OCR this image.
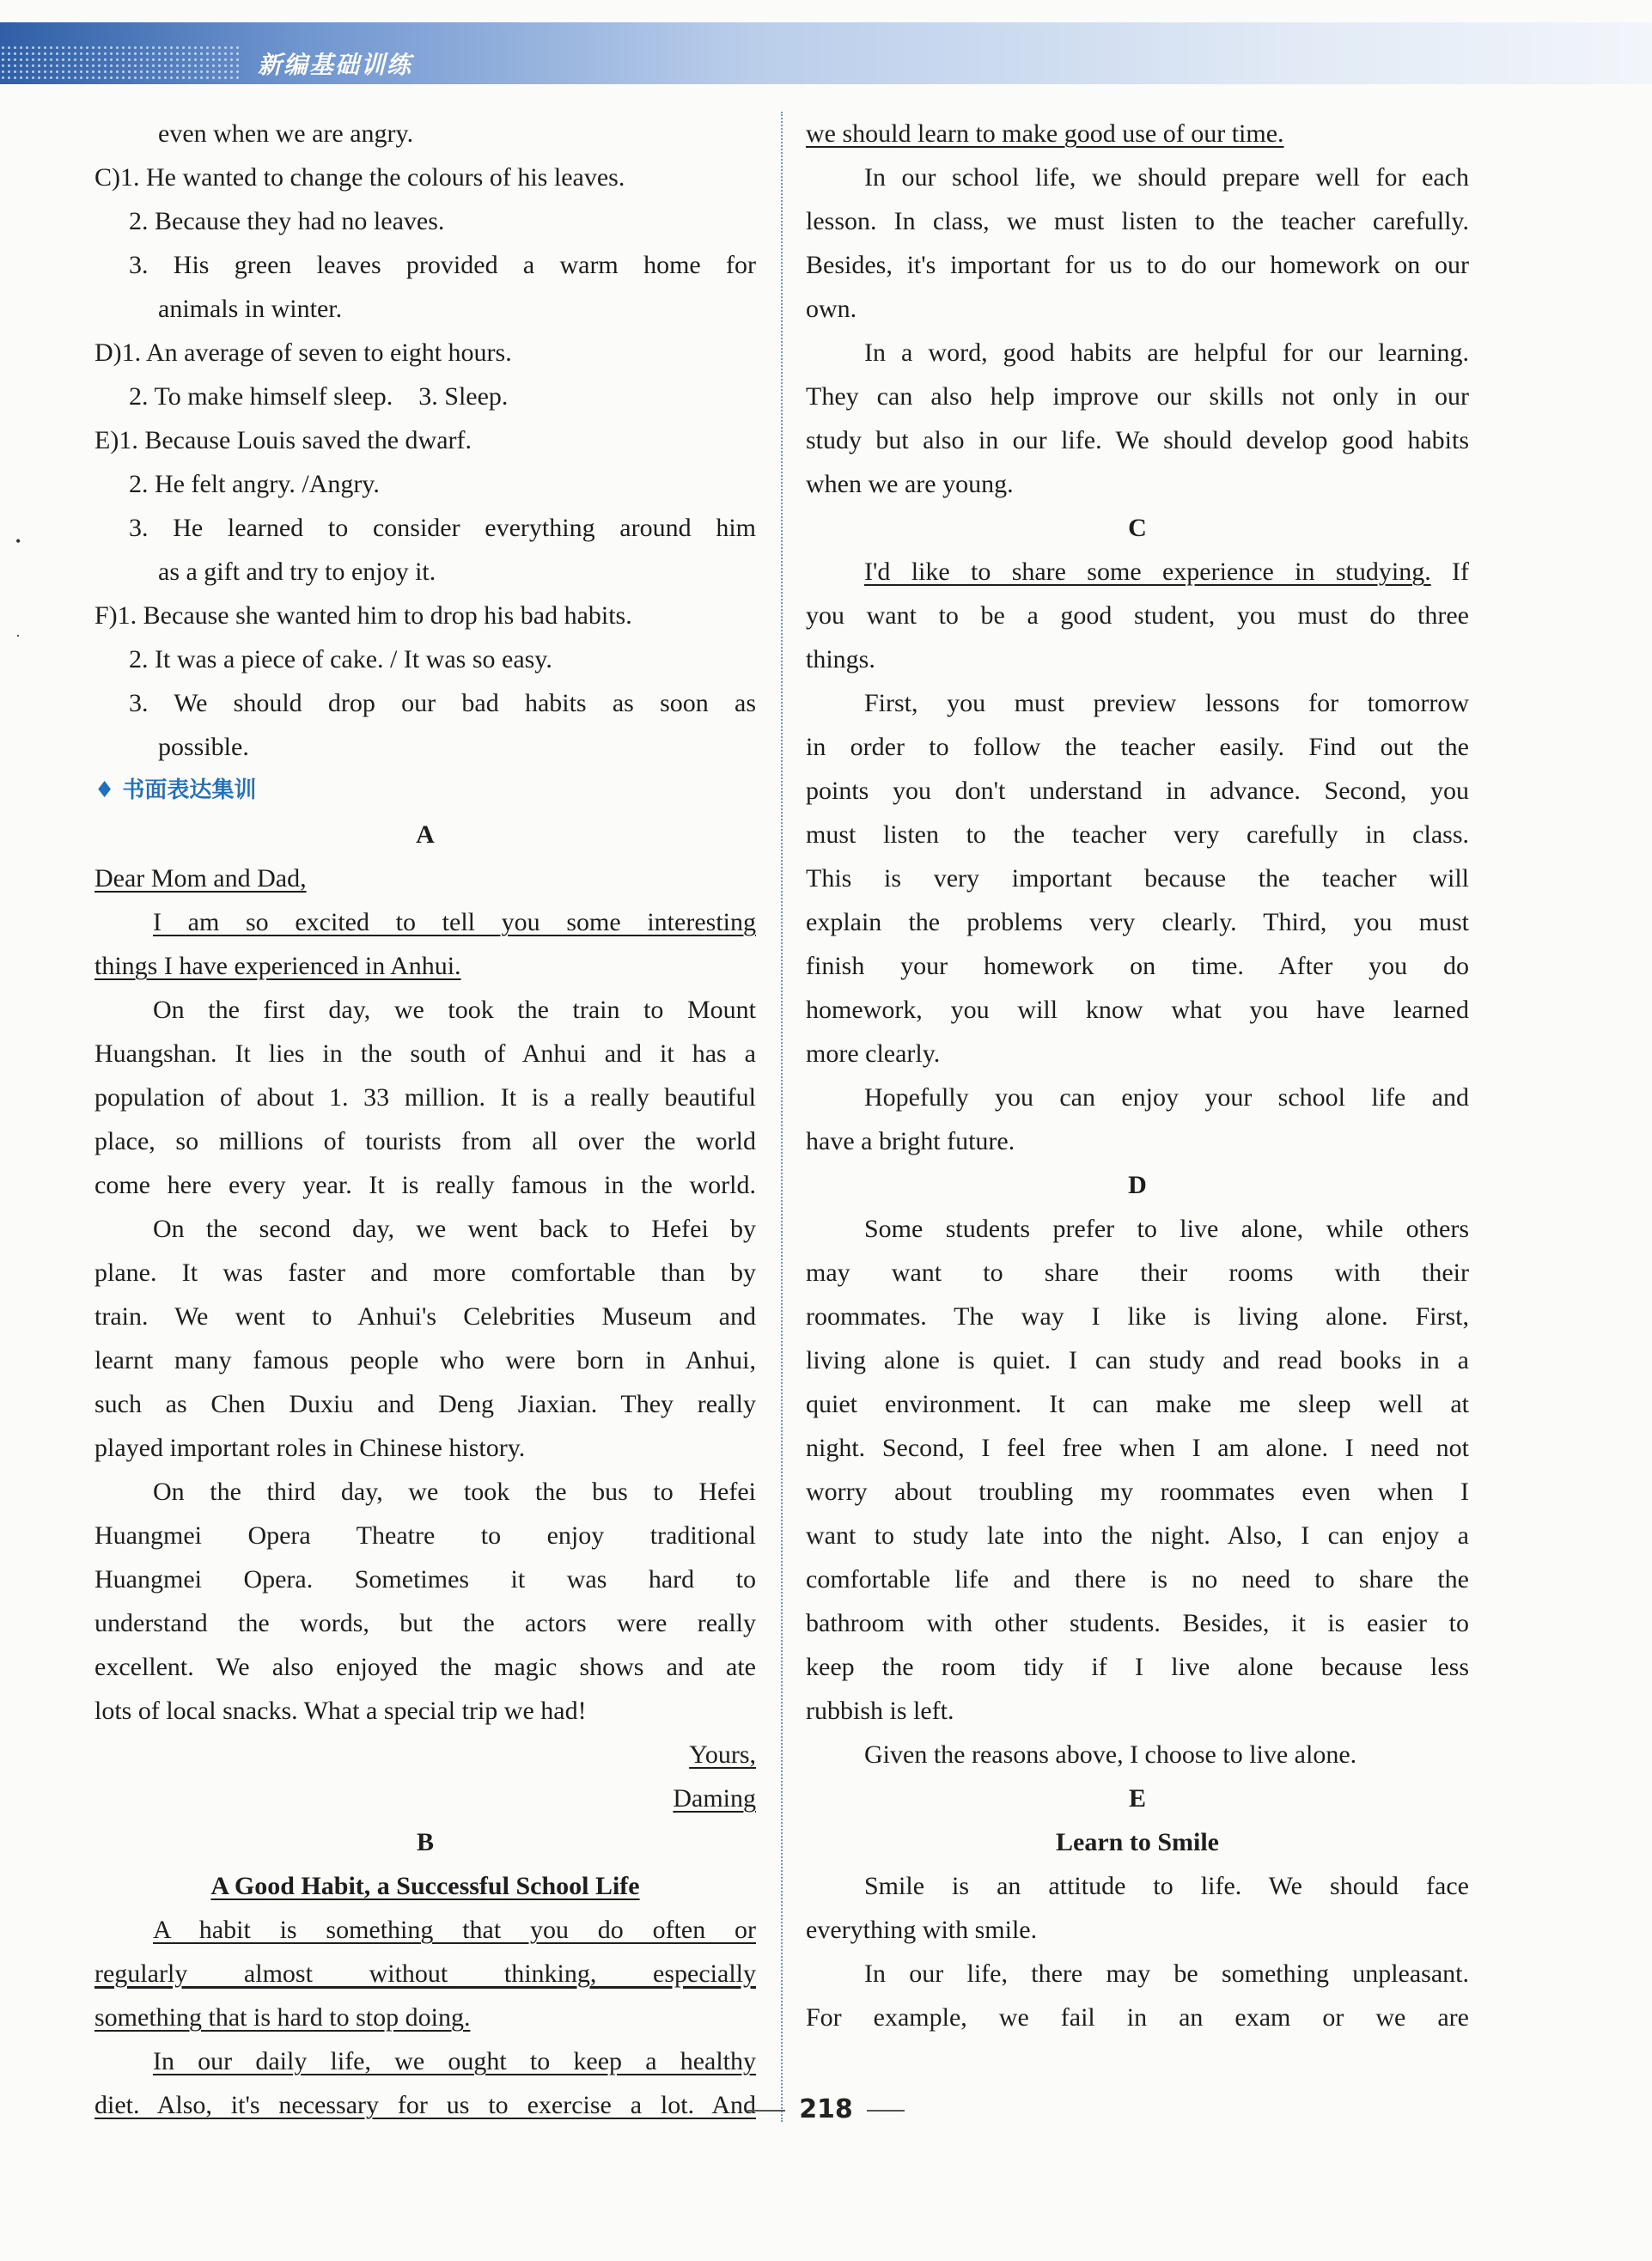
新编基础训练
•
·
even when we are angry.
C)1. He wanted to change the colours of his leaves.
2. Because they had no leaves.
3. His green leaves provided a warm home for
animals in winter.
D)1. An average of seven to eight hours.
2. To make himself sleep.    3. Sleep.
E)1. Because Louis saved the dwarf.
2. He felt angry. /Angry.
3. He learned to consider everything around him
as a gift and try to enjoy it.
F)1. Because she wanted him to drop his bad habits.
2. It was a piece of cake. / It was so easy.
3. We should drop our bad habits as soon as
possible.
♦ 书面表达集训
A
Dear Mom and Dad,
I am so excited to tell you some interesting
things I have experienced in Anhui.
On the first day, we took the train to Mount
Huangshan. It lies in the south of Anhui and it has a
population of about 1. 33 million. It is a really beautiful
place, so millions of tourists from all over the world
come here every year. It is really famous in the world.
On the second day, we went back to Hefei by
plane. It was faster and more comfortable than by
train. We went to Anhui's Celebrities Museum and
learnt many famous people who were born in Anhui,
such as Chen Duxiu and Deng Jiaxian. They really
played important roles in Chinese history.
On the third day, we took the bus to Hefei
Huangmei Opera Theatre to enjoy traditional
Huangmei Opera. Sometimes it was hard to
understand the words, but the actors were really
excellent. We also enjoyed the magic shows and ate
lots of local snacks. What a special trip we had!
Yours,
Daming
B
A Good Habit, a Successful School Life
A habit is something that you do often or
regularly almost without thinking, especially
something that is hard to stop doing.
In our daily life, we ought to keep a healthy
diet. Also, it's necessary for us to exercise a lot. And
we should learn to make good use of our time.
In our school life, we should prepare well for each
lesson. In class, we must listen to the teacher carefully.
Besides, it's important for us to do our homework on our
own.
In a word, good habits are helpful for our learning.
They can also help improve our skills not only in our
study but also in our life. We should develop good habits
when we are young.
C
I'd like to share some experience in studying. If
you want to be a good student, you must do three
things.
First, you must preview lessons for tomorrow
in order to follow the teacher easily. Find out the
points you don't understand in advance. Second, you
must listen to the teacher very carefully in class.
This is very important because the teacher will
explain the problems very clearly. Third, you must
finish your homework on time. After you do
homework, you will know what you have learned
more clearly.
Hopefully you can enjoy your school life and
have a bright future.
D
Some students prefer to live alone, while others
may want to share their rooms with their
roommates. The way I like is living alone. First,
living alone is quiet. I can study and read books in a
quiet environment. It can make me sleep well at
night. Second, I feel free when I am alone. I need not
worry about troubling my roommates even when I
want to study late into the night. Also, I can enjoy a
comfortable life and there is no need to share the
bathroom with other students. Besides, it is easier to
keep the room tidy if I live alone because less
rubbish is left.
Given the reasons above, I choose to live alone.
E
Learn to Smile
Smile is an attitude to life. We should face
everything with smile.
In our life, there may be something unpleasant.
For example, we fail in an exam or we are
218
